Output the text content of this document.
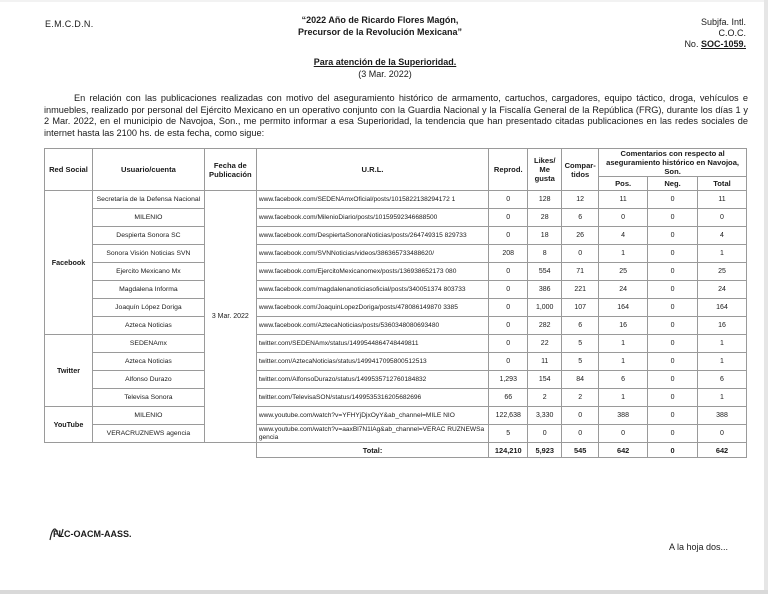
E.M.C.D.N.	“2022 Año de Ricardo Flores Magón,
Precursor de la Revolución Mexicana”
Subjfa. Intl.
C.O.C.
No. SOC-1059.
Para atención de la Superioridad.
(3 Mar. 2022)
En relación con las publicaciones realizadas con motivo del aseguramiento histórico de armamento, cartuchos, cargadores, equipo táctico, droga, vehículos e inmuebles, realizado por personal del Ejército Mexicano en un operativo conjunto con la Guardia Nacional y la Fiscalía General de la República (FRG), durante los días 1 y 2 Mar. 2022, en el municipio de Navojoa, Son., me permito informar a esa Superioridad, la tendencia que han presentado citadas publicaciones en las redes sociales de internet hasta las 2100 hs. de esta fecha, como sigue:
Red Social	Usuario/cuenta	Fecha de Publicación	U.R.L.	Reprod.	Likes/ Me gusta	Compar- tidos	Comentarios con respecto al aseguramiento histórico en Navojoa, Son.		
							Pos.	Neg.	Total
Facebook	Secretaría de la Defensa Nacional	3 Mar. 2022	www.facebook.com/SEDENAmxOficial/posts/1015822138294172 1	0	128	12	11	0	11
	MILENIO		www.facebook.com/MilenioDiario/posts/10159592346688500	0	28	6	0	0	0
	Despierta Sonora SC		www.facebook.com/DespiertaSonoraNoticias/posts/264749315 829733	0	18	26	4	0	4
	Sonora Visión Noticias SVN		www.facebook.com/SVNNoticias/videos/386365733488620/	208	8	0	1	0	1
	Ejercito Mexicano Mx		www.facebook.com/EjercitoMexicanomex/posts/136938652173 080	0	554	71	25	0	25
	Magdalena Informa		www.facebook.com/magdalenanoticiasoficial/posts/340051374 803733	0	386	221	24	0	24
	Joaquín López Doriga		www.facebook.com/JoaquinLopezDoriga/posts/478086149870 3385	0	1,000	107	164	0	164
	Azteca Noticias		www.facebook.com/AztecaNoticias/posts/5360348080693480	0	282	6	16	0	16
Twitter	SEDENAmx		twitter.com/SEDENAmx/status/1499544864748449811	0	22	5	1	0	1
	Azteca Noticias		twitter.com/AztecaNoticias/status/1499417095800512513	0	11	5	1	0	1
	Alfonso Durazo		twitter.com/AlfonsoDurazo/status/1499535712760184832	1,293	154	84	6	0	6
	Televisa Sonora		twitter.com/TelevisaSON/status/1499535316205682696	66	2	2	1	0	1
YouTube	MILENIO		www.youtube.com/watch?v=YFHYjDjxOyY&ab_channel=MILE NIO	122,638	3,330	0	388	0	388
	VERACRUZNEWS agencia		www.youtube.com/watch?v=aaxBl7N1lAg&ab_channel=VERAC RUZNEWSagencia	5	0	0	0	0	0
			Total:	124,210	5,923	545	642	0	642
FLC-OACM-AASS.
A la hoja dos...
